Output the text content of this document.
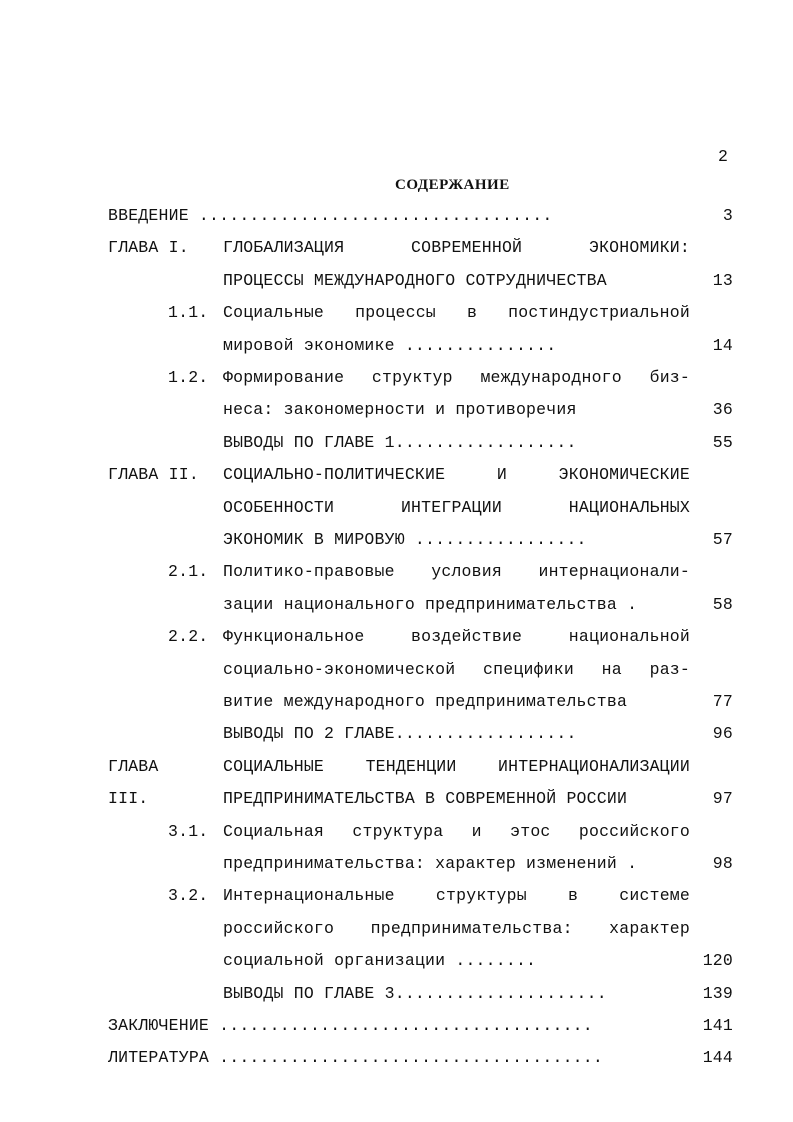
2
СОДЕРЖАНИЕ
ВВЕДЕНИЕ ...................................	3
ГЛАВА I. ГЛОБАЛИЗАЦИЯ СОВРЕМЕННОЙ ЭКОНОМИКИ:
ПРОЦЕССЫ МЕЖДУНАРОДНОГО СОТРУДНИЧЕСТВА	13
1.1. Социальные процессы в постиндустриальной
мировой экономике ...............	14
1.2. Формирование структур международного биз-
неса: закономерности и противоречия	36
ВЫВОДЫ ПО ГЛАВЕ 1..................	55
ГЛАВА II. СОЦИАЛЬНО-ПОЛИТИЧЕСКИЕ И ЭКОНОМИЧЕСКИЕ
ОСОБЕННОСТИ ИНТЕГРАЦИИ НАЦИОНАЛЬНЫХ
ЭКОНОМИК В МИРОВУЮ .................	57
2.1. Политико-правовые условия интернационали-
зации национального предпринимательства .	58
2.2. Функциональное воздействие национальной
социально-экономической специфики на раз-
витие международного предпринимательства	77
ВЫВОДЫ ПО 2 ГЛАВЕ..................	96
ГЛАВА	СОЦИАЛЬНЫЕ ТЕНДЕНЦИИ ИНТЕРНАЦИОНАЛИЗАЦИИ
III.	ПРЕДПРИНИМАТЕЛЬСТВА В СОВРЕМЕННОЙ РОССИИ	97
3.1. Социальная структура и этос российского
предпринимательства: характер изменений .	98
3.2. Интернациональные структуры в системе
российского предпринимательства: характер
социальной организации ........	120
ВЫВОДЫ ПО ГЛАВЕ 3.....................	139
ЗАКЛЮЧЕНИЕ .....................................	141
ЛИТЕРАТУРА ......................................	144
